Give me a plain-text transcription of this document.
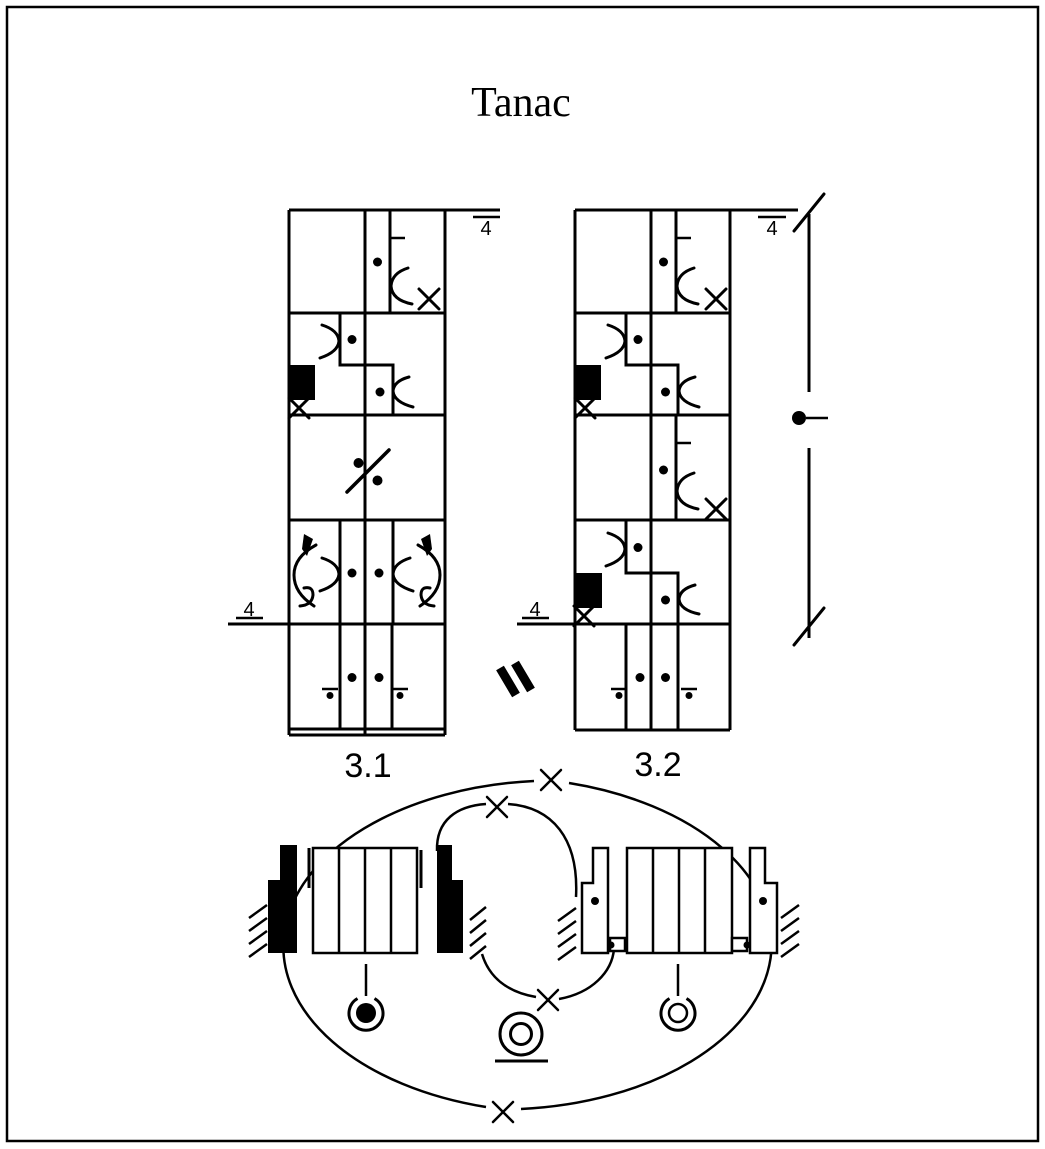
Tanac
4
4
3.1
4
4
3.2
